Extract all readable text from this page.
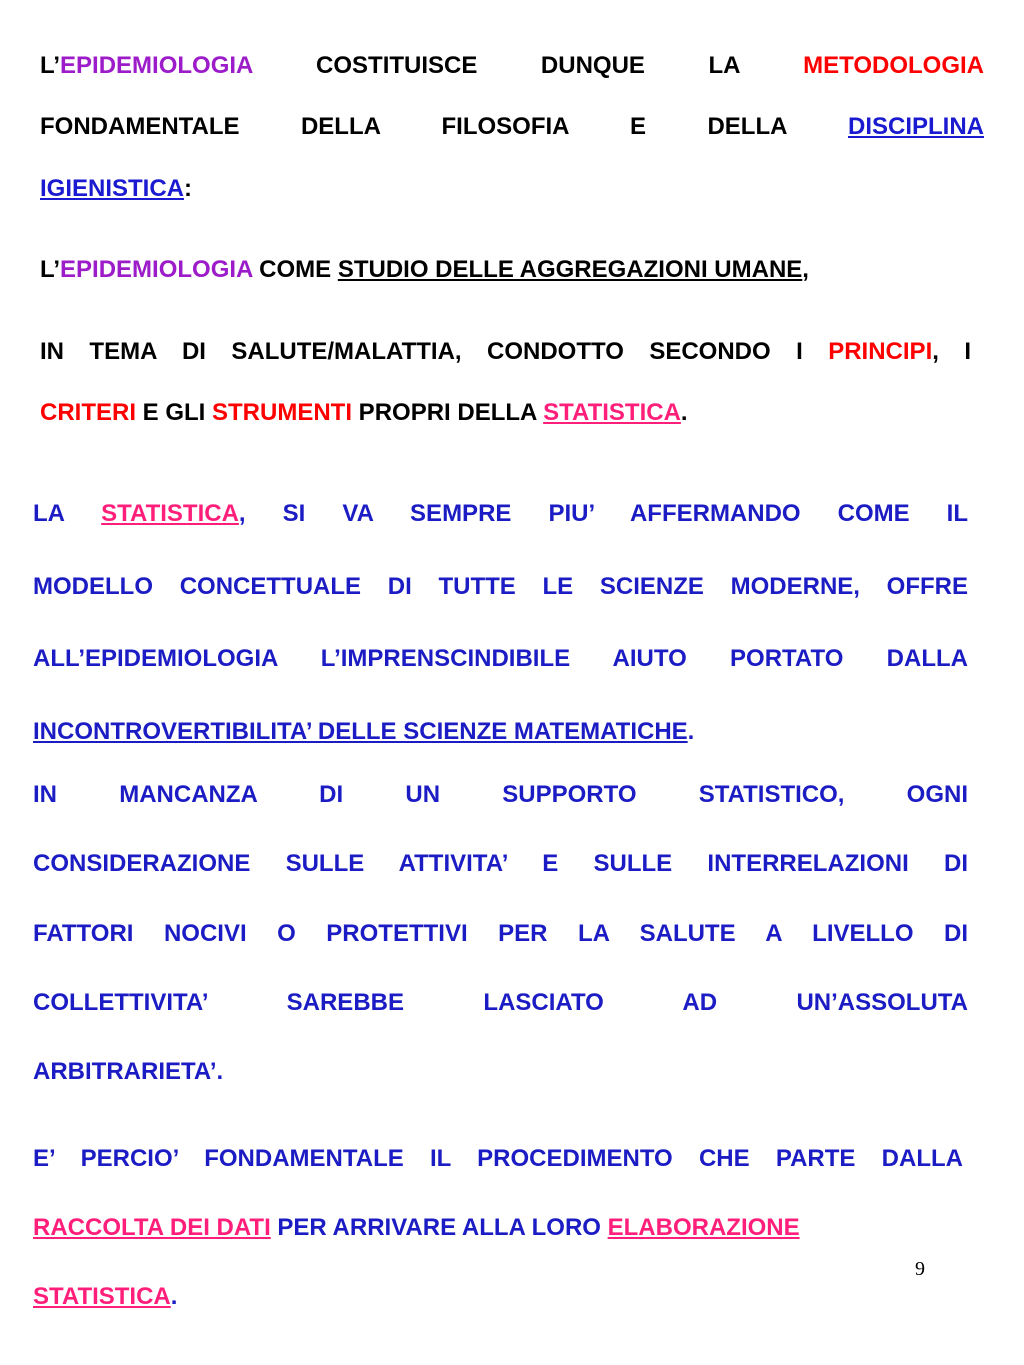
L’EPIDEMIOLOGIA	COSTITUISCE DUNQUE LA	METODOLOGIA
FONDAMENTALE DELLA FILOSOFIA E DELLA	DISCIPLINA
IGIENISTICA:
L’EPIDEMIOLOGIA COME STUDIO DELLE AGGREGAZIONI UMANE,
IN TEMA DI SALUTE/MALATTIA, CONDOTTO SECONDO I PRINCIPI, I
CRITERI E GLI STRUMENTI PROPRI DELLA STATISTICA.
LA STATISTICA, SI VA SEMPRE PIU’ AFFERMANDO COME IL
MODELLO CONCETTUALE DI TUTTE LE SCIENZE MODERNE, OFFRE
ALL’EPIDEMIOLOGIA L’IMPRENSCINDIBILE AIUTO PORTATO DALLA
INCONTROVERTIBILITA’ DELLE SCIENZE MATEMATICHE.
IN MANCANZA DI UN SUPPORTO STATISTICO, OGNI
CONSIDERAZIONE SULLE ATTIVITA’ E SULLE INTERRELAZIONI DI
FATTORI NOCIVI O PROTETTIVI PER LA SALUTE A LIVELLO DI
COLLETTIVITA’ SAREBBE LASCIATO AD UN’ASSOLUTA
ARBITRARIETA’.
E’ PERCIO’ FONDAMENTALE IL PROCEDIMENTO CHE PARTE DALLA
RACCOLTA DEI DATI PER ARRIVARE ALLA LORO ELABORAZIONE
STATISTICA.
9
